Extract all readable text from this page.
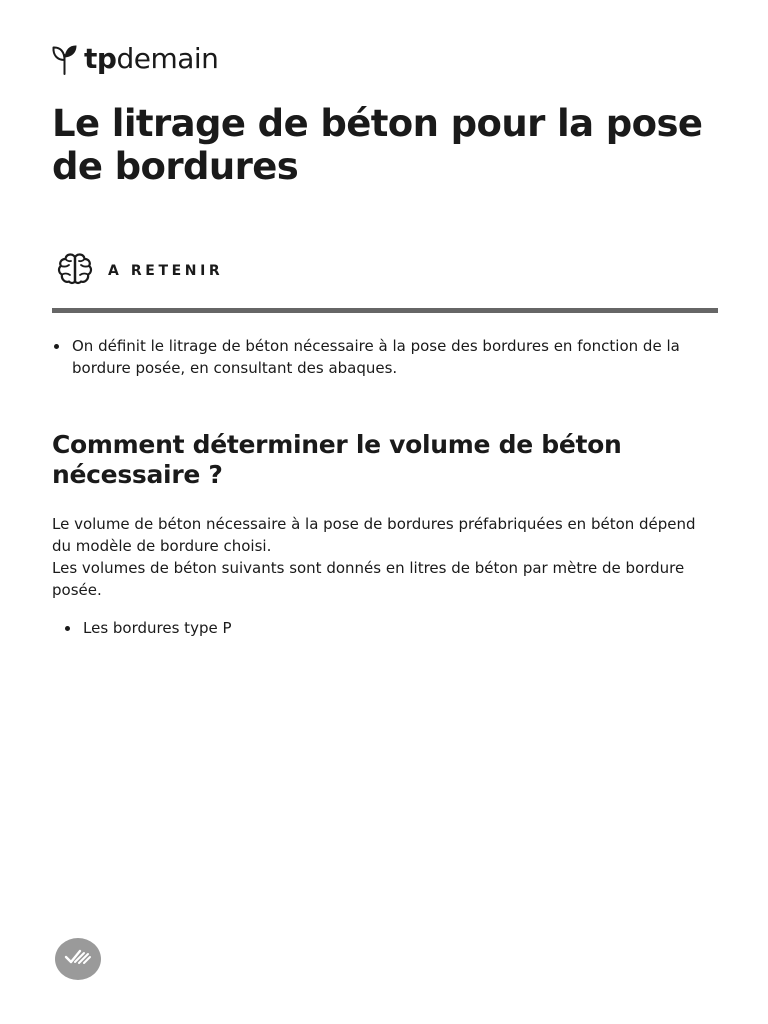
tpdemain
Le litrage de béton pour la pose de bordures
A RETENIR
On définit le litrage de béton nécessaire à la pose des bordures en fonction de la bordure posée, en consultant des abaques.
Comment déterminer le volume de béton nécessaire ?

Le volume de béton nécessaire à la pose de bordures préfabriquées en béton dépend du modèle de bordure choisi.
Les volumes de béton suivants sont donnés en litres de béton par mètre de bordure posée.

Les bordures type P
